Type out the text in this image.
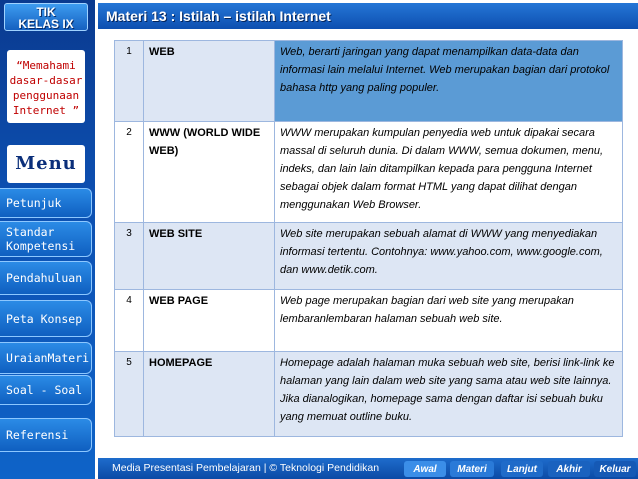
TIK
KELAS IX
“Memahami
dasar-dasar
penggunaan
Internet ”
Menu
Petunjuk
Standar
Kompetensi
Pendahuluan
Peta Konsep
UraianMateri
Soal - Soal
Referensi
Materi 13 : Istilah – istilah Internet
1	WEB	Web, berarti jaringan yang dapat menampilkan data-data dan informasi lain melalui Internet. Web merupakan bagian dari protokol bahasa http yang paling populer.
2	WWW (WORLD WIDE WEB)	WWW merupakan kumpulan penyedia web untuk dipakai secara massal di seluruh dunia. Di dalam WWW, semua dokumen, menu, indeks, dan lain lain ditampilkan kepada para pengguna Internet sebagai objek dalam format HTML yang dapat dilihat dengan menggunakan Web Browser.
3	WEB SITE	Web site merupakan sebuah alamat di WWW yang menyediakan informasi tertentu. Contohnya: www.yahoo.com, www.google.com, dan www.detik.com.
4	WEB PAGE	Web page merupakan bagian dari web site yang merupakan lembaranlembaran halaman sebuah web site.
5	HOMEPAGE	Homepage adalah halaman muka sebuah web site, berisi link-link ke halaman yang lain dalam web site yang sama atau web site lainnya. Jika dianalogikan, homepage sama dengan daftar isi sebuah buku yang memuat outline buku.
Media Presentasi Pembelajaran | © Teknologi Pendidikan	Awal	Materi	Lanjut	Akhir	Keluar
